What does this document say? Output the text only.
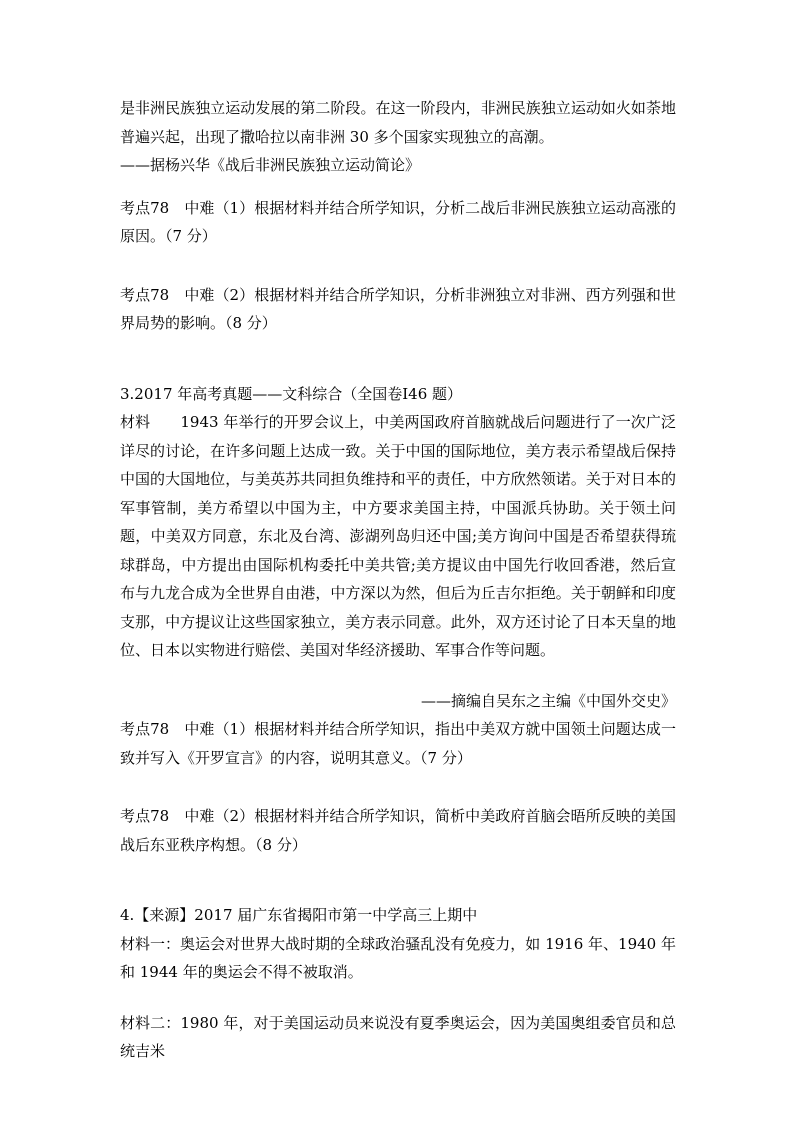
是非洲民族独立运动发展的第二阶段。在这一阶段内，非洲民族独立运动如火如荼地普遍兴起，出现了撒哈拉以南非洲 30 多个国家实现独立的高潮。

——据杨兴华《战后非洲民族独立运动简论》

考点78　中难（1）根据材料并结合所学知识，分析二战后非洲民族独立运动高涨的原因。（7 分）

考点78　中难（2）根据材料并结合所学知识，分析非洲独立对非洲、西方列强和世界局势的影响。（8 分）

3.2017 年高考真题——文科综合（全国卷Ⅰ46 题）

材料　　1943 年举行的开罗会议上，中美两国政府首脑就战后问题进行了一次广泛详尽的讨论，在许多问题上达成一致。关于中国的国际地位，美方表示希望战后保持中国的大国地位，与美英苏共同担负维持和平的责任，中方欣然领诺。关于对日本的军事管制，美方希望以中国为主，中方要求美国主持，中国派兵协助。关于领土问题，中美双方同意，东北及台湾、澎湖列岛归还中国;美方询问中国是否希望获得琉球群岛，中方提出由国际机构委托中美共管;美方提议由中国先行收回香港，然后宣布与九龙合成为全世界自由港，中方深以为然，但后为丘吉尔拒绝。关于朝鲜和印度支那，中方提议让这些国家独立，美方表示同意。此外，双方还讨论了日本天皇的地位、日本以实物进行赔偿、美国对华经济援助、军事合作等问题。

——摘编自吴东之主编《中国外交史》

考点78　中难（1）根据材料并结合所学知识，指出中美双方就中国领土问题达成一致并写入《开罗宣言》的内容，说明其意义。（7 分）

考点78　中难（2）根据材料并结合所学知识，简析中美政府首脑会晤所反映的美国战后东亚秩序构想。（8 分）

4.【来源】2017 届广东省揭阳市第一中学高三上期中

材料一：奥运会对世界大战时期的全球政治骚乱没有免疫力，如 1916 年、1940 年和 1944 年的奥运会不得不被取消。

材料二：1980 年，对于美国运动员来说没有夏季奥运会，因为美国奥组委官员和总统吉米
